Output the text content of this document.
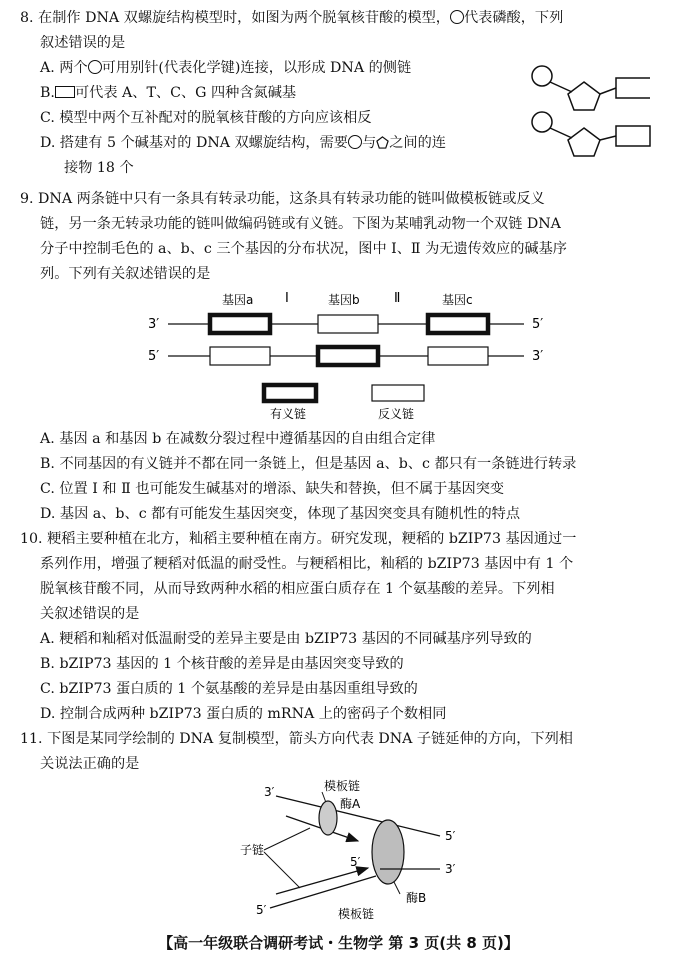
8. 在制作 DNA 双螺旋结构模型时，如图为两个脱氧核苷酸的模型， 代表磷酸，下列
叙述错误的是
A. 两个 可用别针(代表化学键)连接，以形成 DNA 的侧链
B. 可代表 A、T、C、G 四种含氮碱基
C. 模型中两个互补配对的脱氧核苷酸的方向应该相反
D. 搭建有 5 个碱基对的 DNA 双螺旋结构，需要 与 之间的连
接物 18 个
9. DNA 两条链中只有一条具有转录功能，这条具有转录功能的链叫做模板链或反义
链，另一条无转录功能的链叫做编码链或有义链。下图为某哺乳动物一个双链 DNA
分子中控制毛色的 a、b、c 三个基因的分布状况，图中 Ⅰ、Ⅱ 为无遗传效应的碱基序
列。下列有关叙述错误的是
基因a Ⅰ	基因b	Ⅱ	基因c
3′	5′
5′	3′
有义链	反义链
A. 基因 a 和基因 b 在减数分裂过程中遵循基因的自由组合定律
B. 不同基因的有义链并不都在同一条链上，但是基因 a、b、c 都只有一条链进行转录
C. 位置 Ⅰ 和 Ⅱ 也可能发生碱基对的增添、缺失和替换，但不属于基因突变
D. 基因 a、b、c 都有可能发生基因突变，体现了基因突变具有随机性的特点
10. 粳稻主要种植在北方，籼稻主要种植在南方。研究发现，粳稻的 bZIP73 基因通过一
系列作用，增强了粳稻对低温的耐受性。与粳稻相比，籼稻的 bZIP73 基因中有 1 个
脱氧核苷酸不同，从而导致两种水稻的相应蛋白质存在 1 个氨基酸的差异。下列相
关叙述错误的是
A. 粳稻和籼稻对低温耐受的差异主要是由 bZIP73 基因的不同碱基序列导致的
B. bZIP73 基因的 1 个核苷酸的差异是由基因突变导致的
C. bZIP73 蛋白质的 1 个氨基酸的差异是由基因重组导致的
D. 控制合成两种 bZIP73 蛋白质的 mRNA 上的密码子个数相同
11. 下图是某同学绘制的 DNA 复制模型，箭头方向代表 DNA 子链延伸的方向，下列相
关说法正确的是
3′	模板链
酶A
5′
3′
5′
子链
5′	模板链
酶B
【高一年级联合调研考试・生物学 第 3 页(共 8 页)】
